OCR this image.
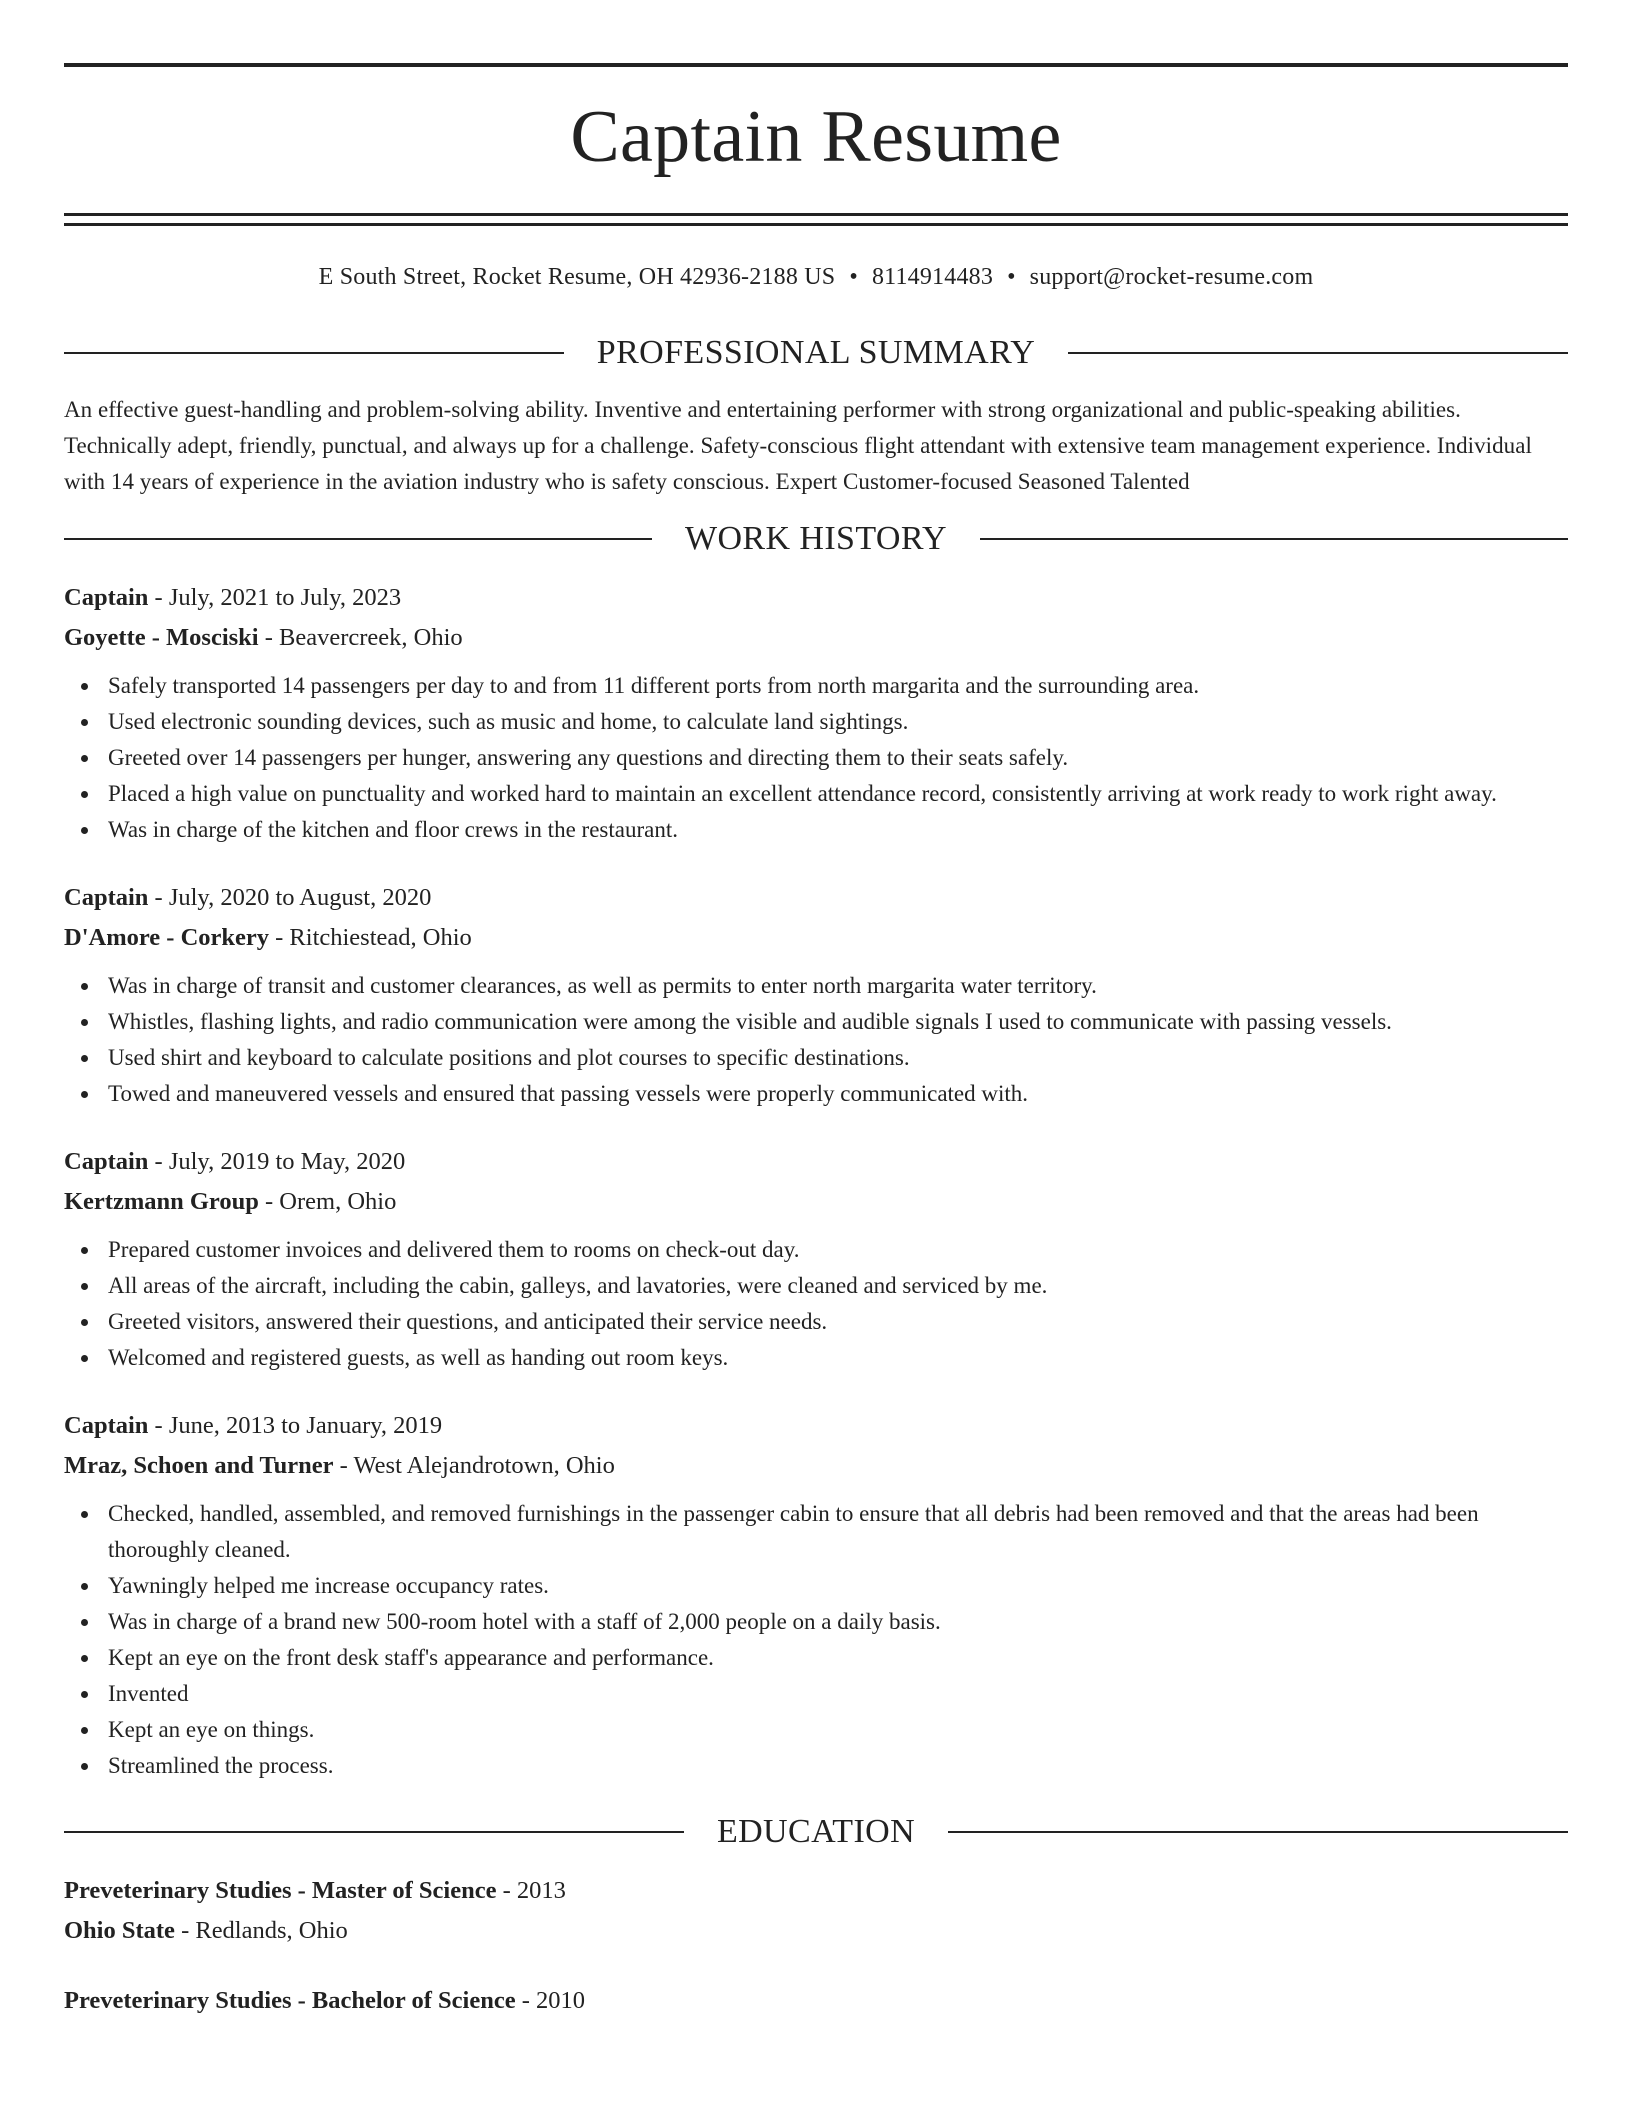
Captain Resume
E South Street, Rocket Resume, OH 42936-2188 US • 8114914483 • support@rocket-resume.com
PROFESSIONAL SUMMARY

An effective guest-handling and problem-solving ability. Inventive and entertaining performer with strong organizational and public-speaking abilities. Technically adept, friendly, punctual, and always up for a challenge. Safety-conscious flight attendant with extensive team management experience. Individual with 14 years of experience in the aviation industry who is safety conscious. Expert Customer-focused Seasoned Talented

WORK HISTORY
Captain - July, 2021 to July, 2023
Goyette - Mosciski - Beavercreek, Ohio
Safely transported 14 passengers per day to and from 11 different ports from north margarita and the surrounding area.
Used electronic sounding devices, such as music and home, to calculate land sightings.
Greeted over 14 passengers per hunger, answering any questions and directing them to their seats safely.
Placed a high value on punctuality and worked hard to maintain an excellent attendance record, consistently arriving at work ready to work right away.
Was in charge of the kitchen and floor crews in the restaurant.
Captain - July, 2020 to August, 2020
D'Amore - Corkery - Ritchiestead, Ohio
Was in charge of transit and customer clearances, as well as permits to enter north margarita water territory.
Whistles, flashing lights, and radio communication were among the visible and audible signals I used to communicate with passing vessels.
Used shirt and keyboard to calculate positions and plot courses to specific destinations.
Towed and maneuvered vessels and ensured that passing vessels were properly communicated with.
Captain - July, 2019 to May, 2020
Kertzmann Group - Orem, Ohio
Prepared customer invoices and delivered them to rooms on check-out day.
All areas of the aircraft, including the cabin, galleys, and lavatories, were cleaned and serviced by me.
Greeted visitors, answered their questions, and anticipated their service needs.
Welcomed and registered guests, as well as handing out room keys.
Captain - June, 2013 to January, 2019
Mraz, Schoen and Turner - West Alejandrotown, Ohio
Checked, handled, assembled, and removed furnishings in the passenger cabin to ensure that all debris had been removed and that the areas had been thoroughly cleaned.
Yawningly helped me increase occupancy rates.
Was in charge of a brand new 500-room hotel with a staff of 2,000 people on a daily basis.
Kept an eye on the front desk staff's appearance and performance.
Invented
Kept an eye on things.
Streamlined the process.
EDUCATION
Preveterinary Studies - Master of Science - 2013
Ohio State - Redlands, Ohio
Preveterinary Studies - Bachelor of Science - 2010
